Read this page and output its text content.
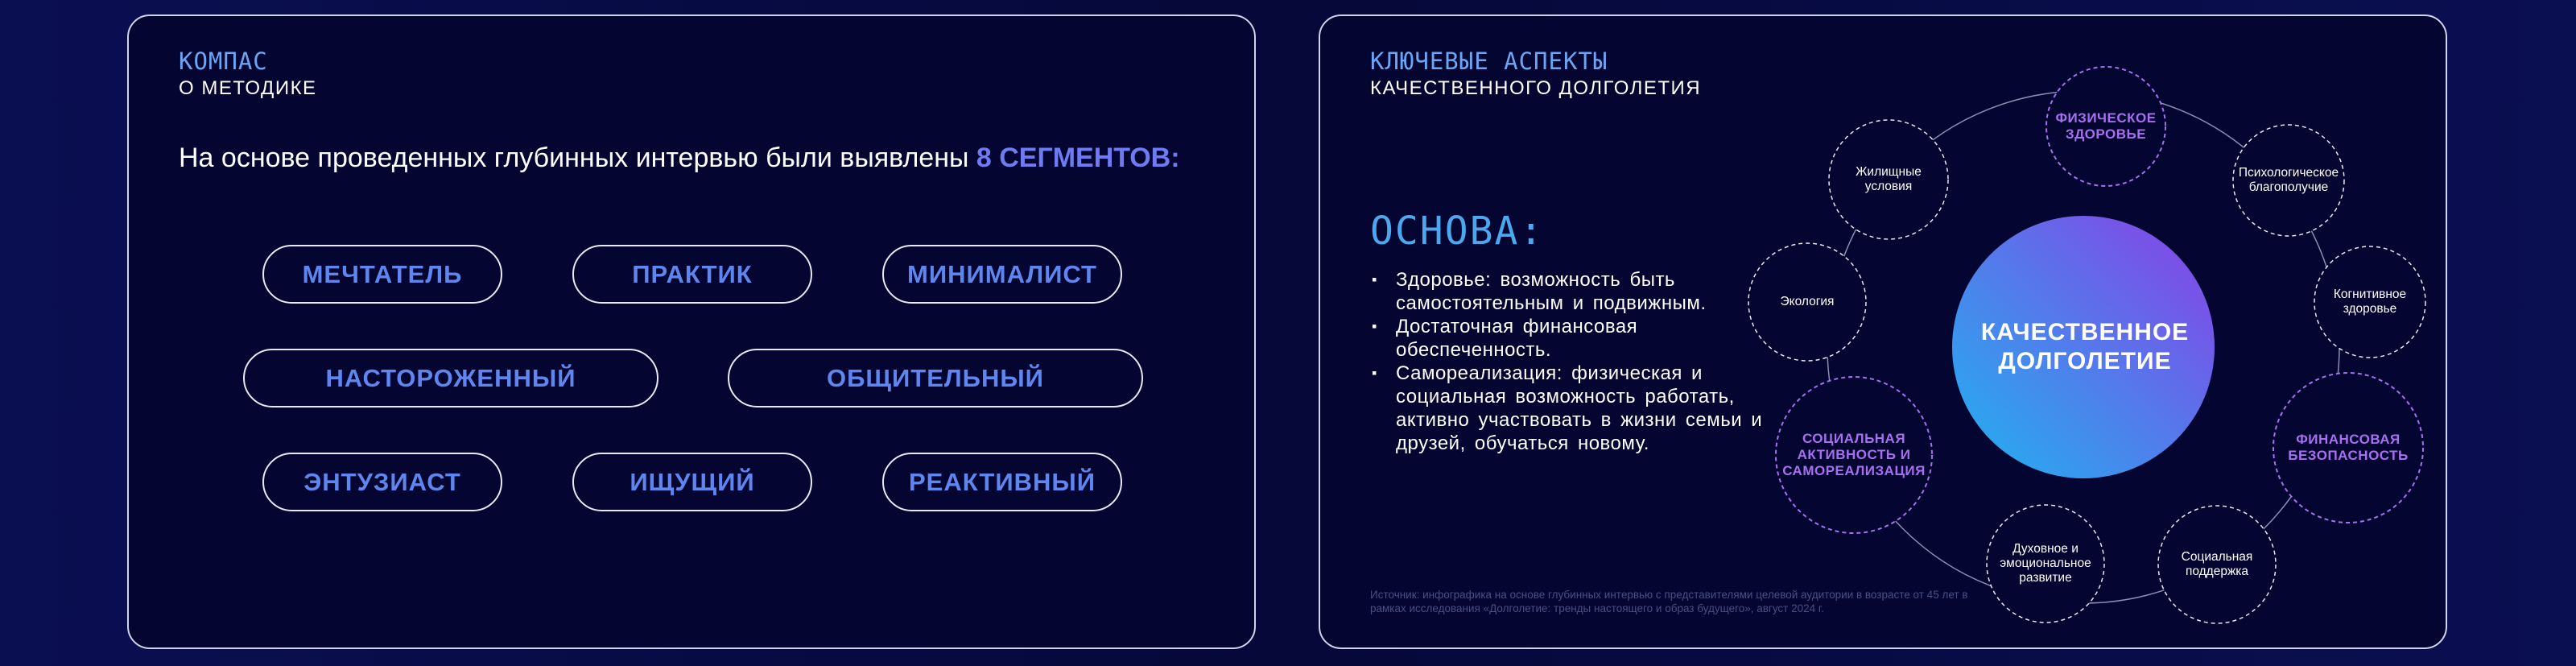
КОМПАС
О МЕТОДИКЕ
На основе проведенных глубинных интервью были выявлены 8 СЕГМЕНТОВ:
МЕЧТАТЕЛЬ	ПРАКТИК	МИНИМАЛИСТ
НАСТОРОЖЕННЫЙ	ОБЩИТЕЛЬНЫЙ
ЭНТУЗИАСТ	ИЩУЩИЙ	РЕАКТИВНЫЙ
КЛЮЧЕВЫЕ АСПЕКТЫ
КАЧЕСТВЕННОГО ДОЛГОЛЕТИЯ
ОСНОВА:
▪ Здоровье: возможность быть самостоятельным и подвижным.
▪ Достаточная финансовая обеспеченность.
▪ Самореализация: физическая и социальная возможность работать, активно участвовать в жизни семьи и друзей, обучаться новому.
КАЧЕСТВЕННОЕ ДОЛГОЛЕТИЕ
ФИЗИЧЕСКОЕ ЗДОРОВЬЕ
Психологическое благополучие
Когнитивное здоровье
ФИНАНСОВАЯ БЕЗОПАСНОСТЬ
Социальная поддержка
Духовное и эмоциональное развитие
СОЦИАЛЬНАЯ АКТИВНОСТЬ И САМОРЕАЛИЗАЦИЯ
Экология
Жилищные условия
Источник: инфографика на основе глубинных интервью с представителями целевой аудитории в возрасте от 45 лет в рамках исследования «Долголетие: тренды настоящего и образ будущего», август 2024 г.
